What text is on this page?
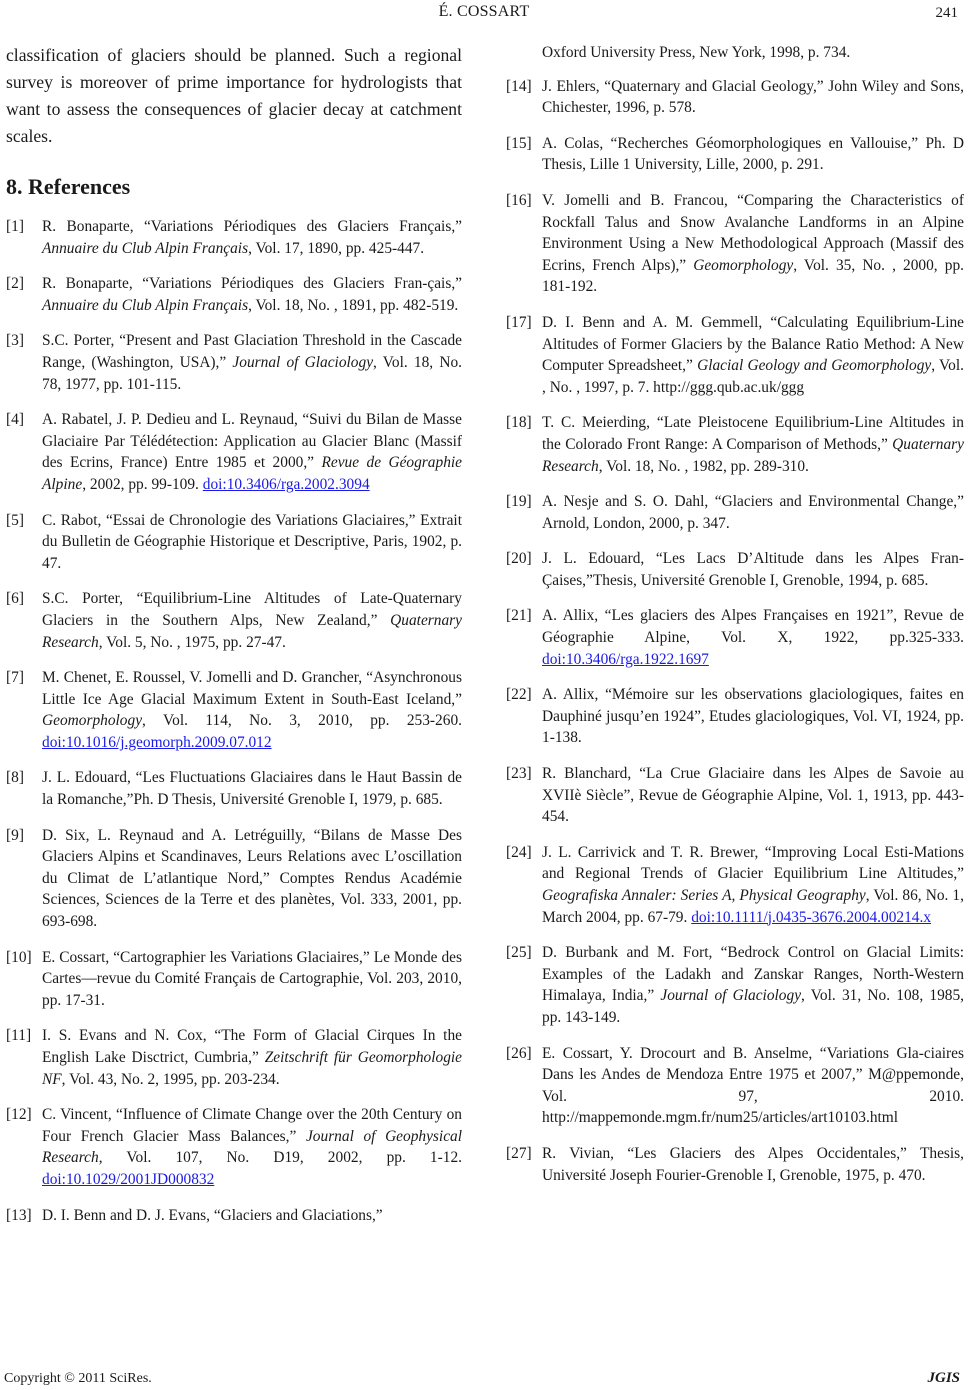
É. COSSART	241

classification of glaciers should be planned. Such a regional survey is moreover of prime importance for hydrologists that want to assess the consequences of glacier decay at catchment scales.

8. References
[1] R. Bonaparte, “Variations Périodiques des Glaciers Français,” Annuaire du Club Alpin Français, Vol. 17, 1890, pp. 425-447.
[2] R. Bonaparte, “Variations Périodiques des Glaciers Fran-çais,” Annuaire du Club Alpin Français, Vol. 18, No. , 1891, pp. 482-519.
[3] S.C. Porter, “Present and Past Glaciation Threshold in the Cascade Range, (Washington, USA),” Journal of Glaciology, Vol. 18, No. 78, 1977, pp. 101-115.
[4] A. Rabatel, J. P. Dedieu and L. Reynaud, “Suivi du Bilan de Masse Glaciaire Par Télédétection: Application au Glacier Blanc (Massif des Ecrins, France) Entre 1985 et 2000,” Revue de Géographie Alpine, 2002, pp. 99-109. doi:10.3406/rga.2002.3094
[5] C. Rabot, “Essai de Chronologie des Variations Glaciaires,” Extrait du Bulletin de Géographie Historique et Descriptive, Paris, 1902, p. 47.
[6] S.C. Porter, “Equilibrium-Line Altitudes of Late-Quaternary Glaciers in the Southern Alps, New Zealand,” Quaternary Research, Vol. 5, No. , 1975, pp. 27-47.
[7] M. Chenet, E. Roussel, V. Jomelli and D. Grancher, “Asynchronous Little Ice Age Glacial Maximum Extent in South-East Iceland,” Geomorphology, Vol. 114, No. 3, 2010, pp. 253-260. doi:10.1016/j.geomorph.2009.07.012
[8] J. L. Edouard, “Les Fluctuations Glaciaires dans le Haut Bassin de la Romanche,”Ph. D Thesis, Université Grenoble I, 1979, p. 685.
[9] D. Six, L. Reynaud and A. Letréguilly, “Bilans de Masse Des Glaciers Alpins et Scandinaves, Leurs Relations avec L’oscillation du Climat de L’atlantique Nord,” Comptes Rendus Académie Sciences, Sciences de la Terre et des planètes, Vol. 333, 2001, pp. 693-698.
[10] E. Cossart, “Cartographier les Variations Glaciaires,” Le Monde des Cartes—revue du Comité Français de Cartographie, Vol. 203, 2010, pp. 17-31.
[11] I. S. Evans and N. Cox, “The Form of Glacial Cirques In the English Lake Disctrict, Cumbria,” Zeitschrift für Geomorphologie NF, Vol. 43, No. 2, 1995, pp. 203-234.
[12] C. Vincent, “Influence of Climate Change over the 20th Century on Four French Glacier Mass Balances,” Journal of Geophysical Research, Vol. 107, No. D19, 2002, pp. 1-12. doi:10.1029/2001JD000832
[13] D. I. Benn and D. J. Evans, “Glaciers and Glaciations,”
Oxford University Press, New York, 1998, p. 734.
[14] J. Ehlers, “Quaternary and Glacial Geology,” John Wiley and Sons, Chichester, 1996, p. 578.
[15] A. Colas, “Recherches Géomorphologiques en Vallouise,” Ph. D Thesis, Lille 1 University, Lille, 2000, p. 291.
[16] V. Jomelli and B. Francou, “Comparing the Characteristics of Rockfall Talus and Snow Avalanche Landforms in an Alpine Environment Using a New Methodological Approach (Massif des Ecrins, French Alps),” Geomorphology, Vol. 35, No. , 2000, pp. 181-192.
[17] D. I. Benn and A. M. Gemmell, “Calculating Equilibrium-Line Altitudes of Former Glaciers by the Balance Ratio Method: A New Computer Spreadsheet,” Glacial Geology and Geomorphology, Vol. , No. , 1997, p. 7. http://ggg.qub.ac.uk/ggg
[18] T. C. Meierding, “Late Pleistocene Equilibrium-Line Altitudes in the Colorado Front Range: A Comparison of Methods,” Quaternary Research, Vol. 18, No. , 1982, pp. 289-310.
[19] A. Nesje and S. O. Dahl, “Glaciers and Environmental Change,” Arnold, London, 2000, p. 347.
[20] J. L. Edouard, “Les Lacs D’Altitude dans les Alpes Fran-Çaises,”Thesis, Université Grenoble I, Grenoble, 1994, p. 685.
[21] A. Allix, “Les glaciers des Alpes Françaises en 1921”, Revue de Géographie Alpine, Vol. X, 1922, pp.325-333. doi:10.3406/rga.1922.1697
[22] A. Allix, “Mémoire sur les observations glaciologiques, faites en Dauphiné jusqu’en 1924”, Etudes glaciologiques, Vol. VI, 1924, pp. 1-138.
[23] R. Blanchard, “La Crue Glaciaire dans les Alpes de Savoie au XVIIè Siècle”, Revue de Géographie Alpine, Vol. 1, 1913, pp. 443-454.
[24] J. L. Carrivick and T. R. Brewer, “Improving Local Esti-Mations and Regional Trends of Glacier Equilibrium Line Altitudes,” Geografiska Annaler: Series A, Physical Geography, Vol. 86, No. 1, March 2004, pp. 67-79. doi:10.1111/j.0435-3676.2004.00214.x
[25] D. Burbank and M. Fort, “Bedrock Control on Glacial Limits: Examples of the Ladakh and Zanskar Ranges, North-Western Himalaya, India,” Journal of Glaciology, Vol. 31, No. 108, 1985, pp. 143-149.
[26] E. Cossart, Y. Drocourt and B. Anselme, “Variations Gla-ciaires Dans les Andes de Mendoza Entre 1975 et 2007,” M@ppemonde, Vol. 97, 2010. http://mappemonde.mgm.fr/num25/articles/art10103.html
[27] R. Vivian, “Les Glaciers des Alpes Occidentales,” Thesis, Université Joseph Fourier-Grenoble I, Grenoble, 1975, p. 470.
Copyright © 2011 SciRes.	JGIS
